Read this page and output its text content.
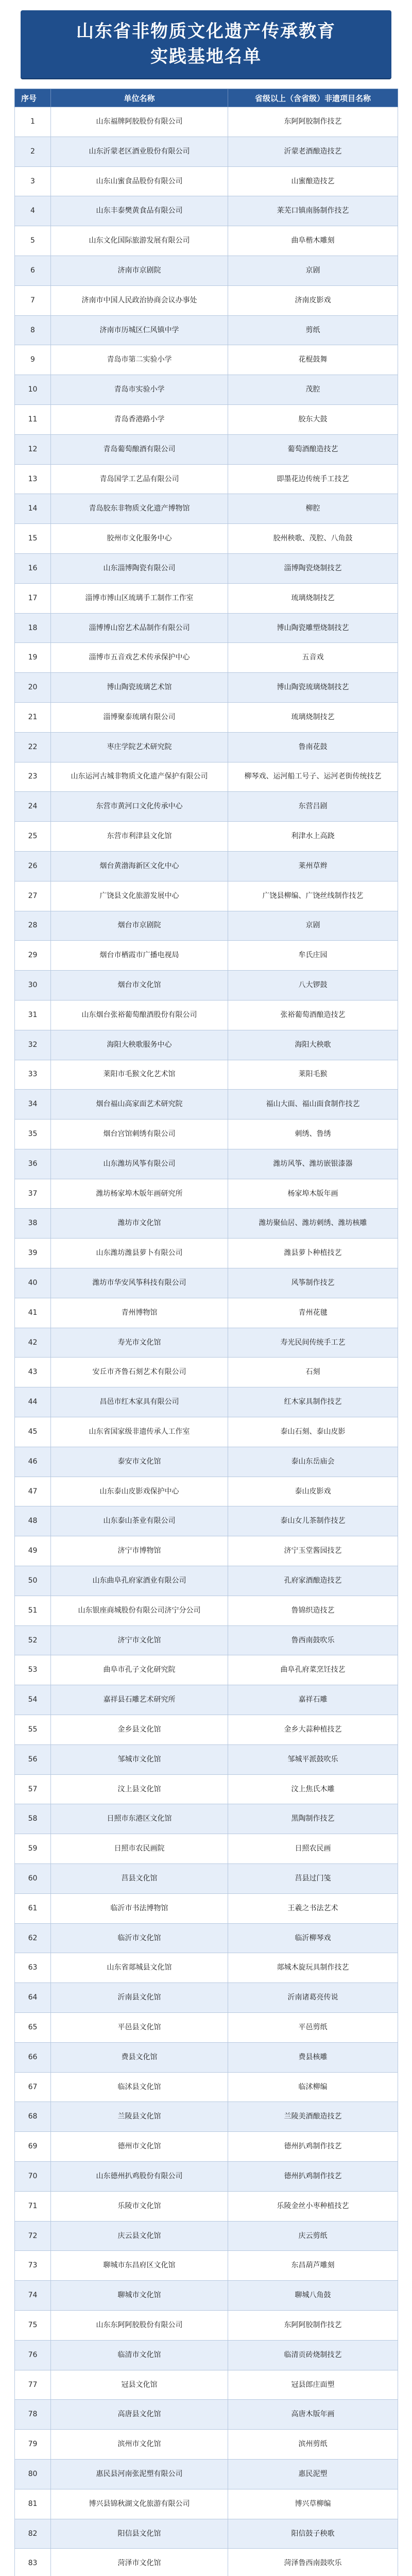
山东省非物质文化遗产传承教育
实践基地名单
序号	单位名称	省级以上（含省级）非遗项目名称
1	山东福牌阿胶股份有限公司	东阿阿胶制作技艺
2	山东沂蒙老区酒业股份有限公司	沂蒙老酒酿造技艺
3	山东山蜜食品股份有限公司	山蜜酿造技艺
4	山东丰泰樊黄食品有限公司	莱芜口镇南肠制作技艺
5	山东文化国际旅游发展有限公司	曲阜楷木雕刻
6	济南市京剧院	京剧
7	济南市中国人民政治协商会议办事处	济南皮影戏
8	济南市历城区仁风镇中学	剪纸
9	青岛市第二实验小学	花棍鼓舞
10	青岛市实验小学	茂腔
11	青岛香港路小学	胶东大鼓
12	青岛葡萄酿酒有限公司	葡萄酒酿造技艺
13	青岛国学工艺品有限公司	即墨花边传统手工技艺
14	青岛胶东非物质文化遗产博物馆	柳腔
15	胶州市文化服务中心	胶州秧歌、茂腔、八角鼓
16	山东淄博陶瓷有限公司	淄博陶瓷烧制技艺
17	淄博市博山区琉璃手工制作工作室	琉璃烧制技艺
18	淄博博山窑艺术品制作有限公司	博山陶瓷雕塑烧制技艺
19	淄博市五音戏艺术传承保护中心	五音戏
20	博山陶瓷琉璃艺术馆	博山陶瓷琉璃烧制技艺
21	淄博聚泰琉璃有限公司	琉璃烧制技艺
22	枣庄学院艺术研究院	鲁南花鼓
23	山东运河古城非物质文化遗产保护有限公司	柳琴戏、运河船工号子、运河老街传统技艺
24	东营市黄河口文化传承中心	东营吕剧
25	东营市利津县文化馆	利津水上高跷
26	烟台黄渤海新区文化中心	莱州草辫
27	广饶县文化旅游发展中心	广饶县柳编、广饶丝线制作技艺
28	烟台市京剧院	京剧
29	烟台市栖霞市广播电视局	牟氏庄园
30	烟台市文化馆	八大锣鼓
31	山东烟台张裕葡萄酿酒股份有限公司	张裕葡萄酒酿造技艺
32	海阳大秧歌服务中心	海阳大秧歌
33	莱阳市毛猴文化艺术馆	莱阳毛猴
34	烟台福山高家面艺术研究院	福山大面、福山面食制作技艺
35	烟台宫馆刺绣有限公司	刺绣、鲁绣
36	山东潍坊风筝有限公司	潍坊风筝、潍坊嵌银漆器
37	潍坊杨家埠木版年画研究所	杨家埠木版年画
38	潍坊市文化馆	潍坊聚仙居、潍坊刺绣、潍坊核雕
39	山东潍坊潍县萝卜有限公司	潍县萝卜种植技艺
40	潍坊市华安风筝科技有限公司	风筝制作技艺
41	青州博物馆	青州花毽
42	寿光市文化馆	寿光民间传统手工艺
43	安丘市齐鲁石刻艺术有限公司	石刻
44	昌邑市红木家具有限公司	红木家具制作技艺
45	山东省国家级非遗传承人工作室	泰山石刻、泰山皮影
46	泰安市文化馆	泰山东岳庙会
47	山东泰山皮影戏保护中心	泰山皮影戏
48	山东泰山茶业有限公司	泰山女儿茶制作技艺
49	济宁市博物馆	济宁玉堂酱园技艺
50	山东曲阜孔府家酒业有限公司	孔府家酒酿造技艺
51	山东银座商城股份有限公司济宁分公司	鲁锦织造技艺
52	济宁市文化馆	鲁西南鼓吹乐
53	曲阜市孔子文化研究院	曲阜孔府菜烹饪技艺
54	嘉祥县石雕艺术研究所	嘉祥石雕
55	金乡县文化馆	金乡大蒜种植技艺
56	邹城市文化馆	邹城平派鼓吹乐
57	汶上县文化馆	汶上焦氏木雕
58	日照市东港区文化馆	黑陶制作技艺
59	日照市农民画院	日照农民画
60	莒县文化馆	莒县过门笺
61	临沂市书法博物馆	王羲之书法艺术
62	临沂市文化馆	临沂柳琴戏
63	山东省郯城县文化馆	郯城木旋玩具制作技艺
64	沂南县文化馆	沂南诸葛亮传说
65	平邑县文化馆	平邑剪纸
66	费县文化馆	费县核雕
67	临沭县文化馆	临沭柳编
68	兰陵县文化馆	兰陵美酒酿造技艺
69	德州市文化馆	德州扒鸡制作技艺
70	山东德州扒鸡股份有限公司	德州扒鸡制作技艺
71	乐陵市文化馆	乐陵金丝小枣种植技艺
72	庆云县文化馆	庆云剪纸
73	聊城市东昌府区文化馆	东昌葫芦雕刻
74	聊城市文化馆	聊城八角鼓
75	山东东阿阿胶股份有限公司	东阿阿胶制作技艺
76	临清市文化馆	临清贡砖烧制技艺
77	冠县文化馆	冠县郎庄面塑
78	高唐县文化馆	高唐木版年画
79	滨州市文化馆	滨州剪纸
80	惠民县河南张泥塑有限公司	惠民泥塑
81	博兴县锦秋湖文化旅游有限公司	博兴草柳编
82	阳信县文化馆	阳信鼓子秧歌
83	菏泽市文化馆	菏泽鲁西南鼓吹乐
